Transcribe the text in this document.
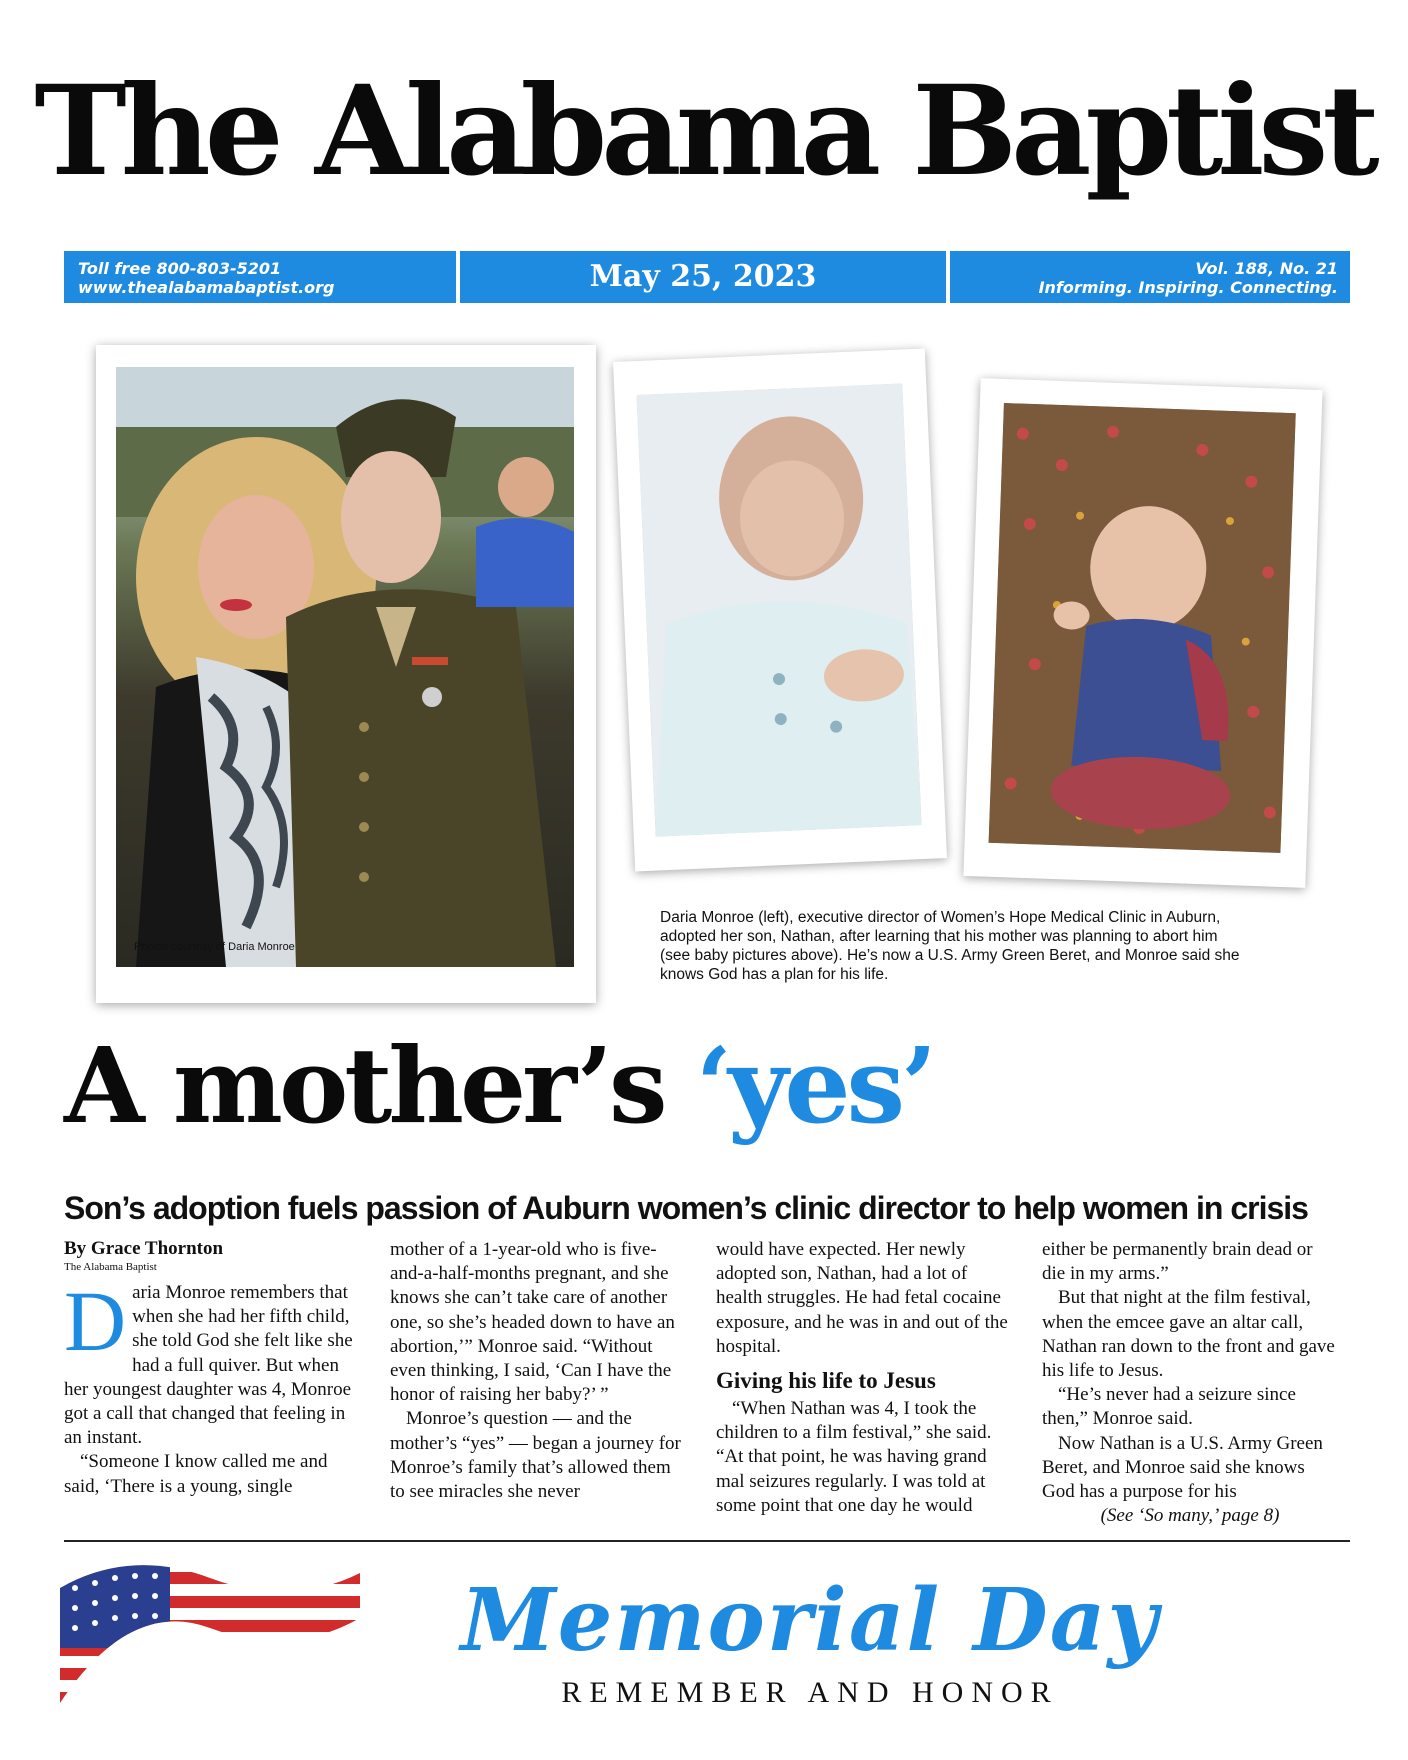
The Alabama Baptist
Toll free 800-803-5201
www.thealabamabaptist.org	May 25, 2023	Vol. 188, No. 21
Informing. Inspiring. Connecting.
Photos courtesy of Daria Monroe
Daria Monroe (left), executive director of Women’s Hope Medical Clinic in Auburn, adopted her son, Nathan, after learning that his mother was planning to abort him (see baby pictures above). He’s now a U.S. Army Green Beret, and Monroe said she knows God has a plan for his life.
A mother’s ‘yes’
Son’s adoption fuels passion of Auburn women’s clinic director to help women in crisis
By Grace Thornton
The Alabama Baptist

Daria Monroe remembers that when she had her fifth child, she told God she felt like she had a full quiver. But when her youngest daughter was 4, Monroe got a call that changed that feeling in an instant.

“Someone I know called me and said, ‘There is a young, single

mother of a 1-year-old who is five-and-a-half-months pregnant, and she knows she can’t take care of another one, so she’s headed down to have an abortion,’” Monroe said. “Without even thinking, I said, ‘Can I have the honor of raising her baby?’ ”

Monroe’s question — and the mother’s “yes” — began a journey for Monroe’s family that’s allowed them to see miracles she never

would have expected. Her newly adopted son, Nathan, had a lot of health struggles. He had fetal cocaine exposure, and he was in and out of the hospital.

Giving his life to Jesus

“When Nathan was 4, I took the children to a film festival,” she said. “At that point, he was having grand mal seizures regularly. I was told at some point that one day he would

either be permanently brain dead or die in my arms.”

But that night at the film festival, when the emcee gave an altar call, Nathan ran down to the front and gave his life to Jesus.

“He’s never had a seizure since then,” Monroe said.

Now Nathan is a U.S. Army Green Beret, and Monroe said she knows God has a purpose for his

(See ‘So many,’ page 8)
Memorial Day
REMEMBER AND HONOR
